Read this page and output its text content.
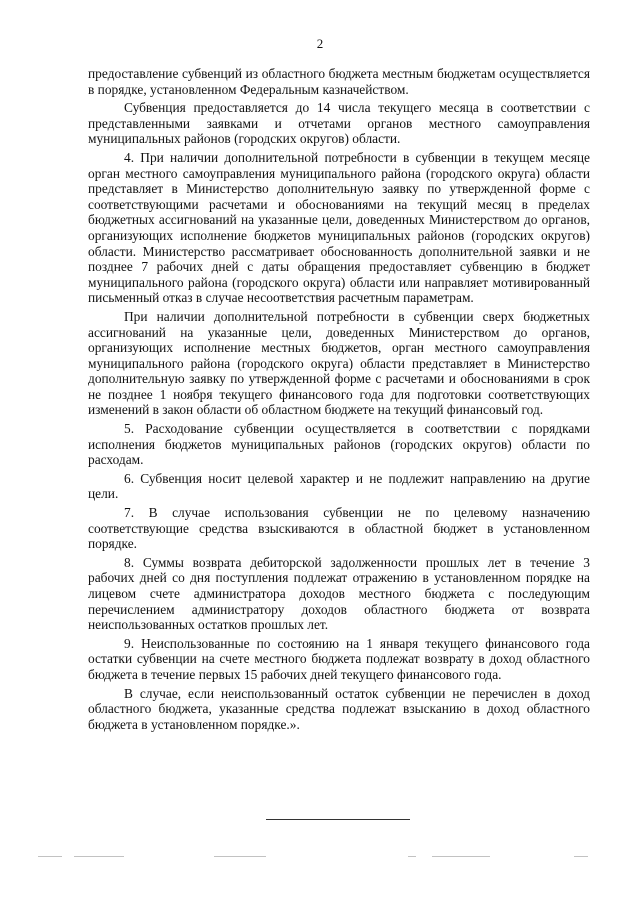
2

предоставление субвенций из областного бюджета местным бюджетам осуществляется в порядке, установленном Федеральным казначейством.

Субвенция предоставляется до 14 числа текущего месяца в соответствии с представленными заявками и отчетами органов местного самоуправления муниципальных районов (городских округов) области.

4. При наличии дополнительной потребности в субвенции в текущем месяце орган местного самоуправления муниципального района (городского округа) области представляет в Министерство дополнительную заявку по утвержденной форме с соответствующими расчетами и обоснованиями на текущий месяц в пределах бюджетных ассигнований на указанные цели, доведенных Министерством до органов, организующих исполнение бюджетов муниципальных районов (городских округов) области. Министерство рассматривает обоснованность дополнительной заявки и не позднее 7 рабочих дней с даты обращения предоставляет субвенцию в бюджет муниципального района (городского округа) области или направляет мотивированный письменный отказ в случае несоответствия расчетным параметрам.

При наличии дополнительной потребности в субвенции сверх бюджетных ассигнований на указанные цели, доведенных Министерством до органов, организующих исполнение местных бюджетов, орган местного самоуправления муниципального района (городского округа) области представляет в Министерство дополнительную заявку по утвержденной форме с расчетами и обоснованиями в срок не позднее 1 ноября текущего финансового года для подготовки соответствующих изменений в закон области об областном бюджете на текущий финансовый год.

5. Расходование субвенции осуществляется в соответствии с порядками исполнения бюджетов муниципальных районов (городских округов) области по расходам.

6. Субвенция носит целевой характер и не подлежит направлению на другие цели.

7. В случае использования субвенции не по целевому назначению соответствующие средства взыскиваются в областной бюджет в установленном порядке.

8. Суммы возврата дебиторской задолженности прошлых лет в течение 3 рабочих дней со дня поступления подлежат отражению в установленном порядке на лицевом счете администратора доходов местного бюджета с последующим перечислением администратору доходов областного бюджета от возврата неиспользованных остатков прошлых лет.

9. Неиспользованные по состоянию на 1 января текущего финансового года остатки субвенции на счете местного бюджета подлежат возврату в доход областного бюджета в течение первых 15 рабочих дней текущего финансового года.

В случае, если неиспользованный остаток субвенции не перечислен в доход областного бюджета, указанные средства подлежат взысканию в доход областного бюджета в установленном порядке.».
